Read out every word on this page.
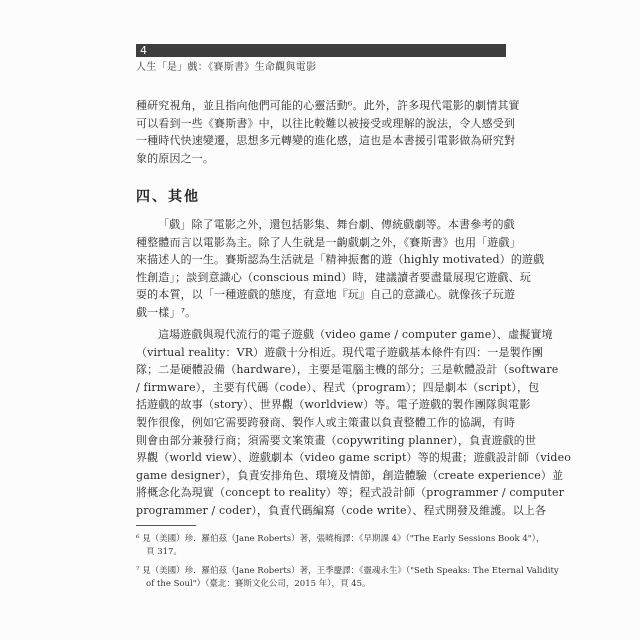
4
人生「是」戲：《賽斯書》生命觀與電影

種研究視角，並且指向他們可能的心靈活動⁶。此外，許多現代電影的劇情其實
可以看到一些《賽斯書》中，以往比較難以被接受或理解的說法，令人感受到
一種時代快速變遷，思想多元轉變的進化感，這也是本書援引電影做為研究對
象的原因之一。

四、其他

「戲」除了電影之外，還包括影集、舞台劇、傳統戲劇等。本書參考的戲
種整體而言以電影為主。除了人生就是一齣戲劇之外，《賽斯書》也用「遊戲」
來描述人的一生。賽斯認為生活就是「精神振奮的遊（highly motivated）的遊戲
性創造」；談到意識心（conscious mind）時，建議讀者要盡量展現它遊戲、玩
耍的本質，以「一種遊戲的態度，有意地『玩』自己的意識心。就像孩子玩遊
戲一樣」⁷。

這場遊戲與現代流行的電子遊戲（video game / computer game）、虛擬實境
（virtual reality：VR）遊戲十分相近。現代電子遊戲基本條件有四：一是製作團
隊；二是硬體設備（hardware），主要是電腦主機的部分；三是軟體設計（software
/ firmware），主要有代碼（code）、程式（program）；四是劇本（script），包
括遊戲的故事（story）、世界觀（worldview）等。電子遊戲的製作團隊與電影
製作很像，例如它需要跨發商、製作人或主策畫以負責整體工作的協調，有時
則會由部分兼發行商；須需要文案策畫（copywriting planner），負責遊戲的世
界觀（world view）、遊戲劇本（video game script）等的規畫；遊戲設計師（video
game designer），負責安排角色、環境及情節，創造體驗（create experience）並
將概念化為現實（concept to reality）等；程式設計師（programmer / computer
programmer / coder），負責代碼編寫（code write）、程式開發及維護。以上各

⁶ 見（美國）珍．羅伯茲（Jane Roberts）著，張曉梅譯：《早期課 4》（"The Early Sessions Book 4"），
頁 317。
⁷ 見（美國）珍．羅伯茲（Jane Roberts）著，王季慶譯：《靈魂永生》（"Seth Speaks: The Eternal Validity
of the Soul"）（臺北：賽斯文化公司，2015 年），頁 45。
